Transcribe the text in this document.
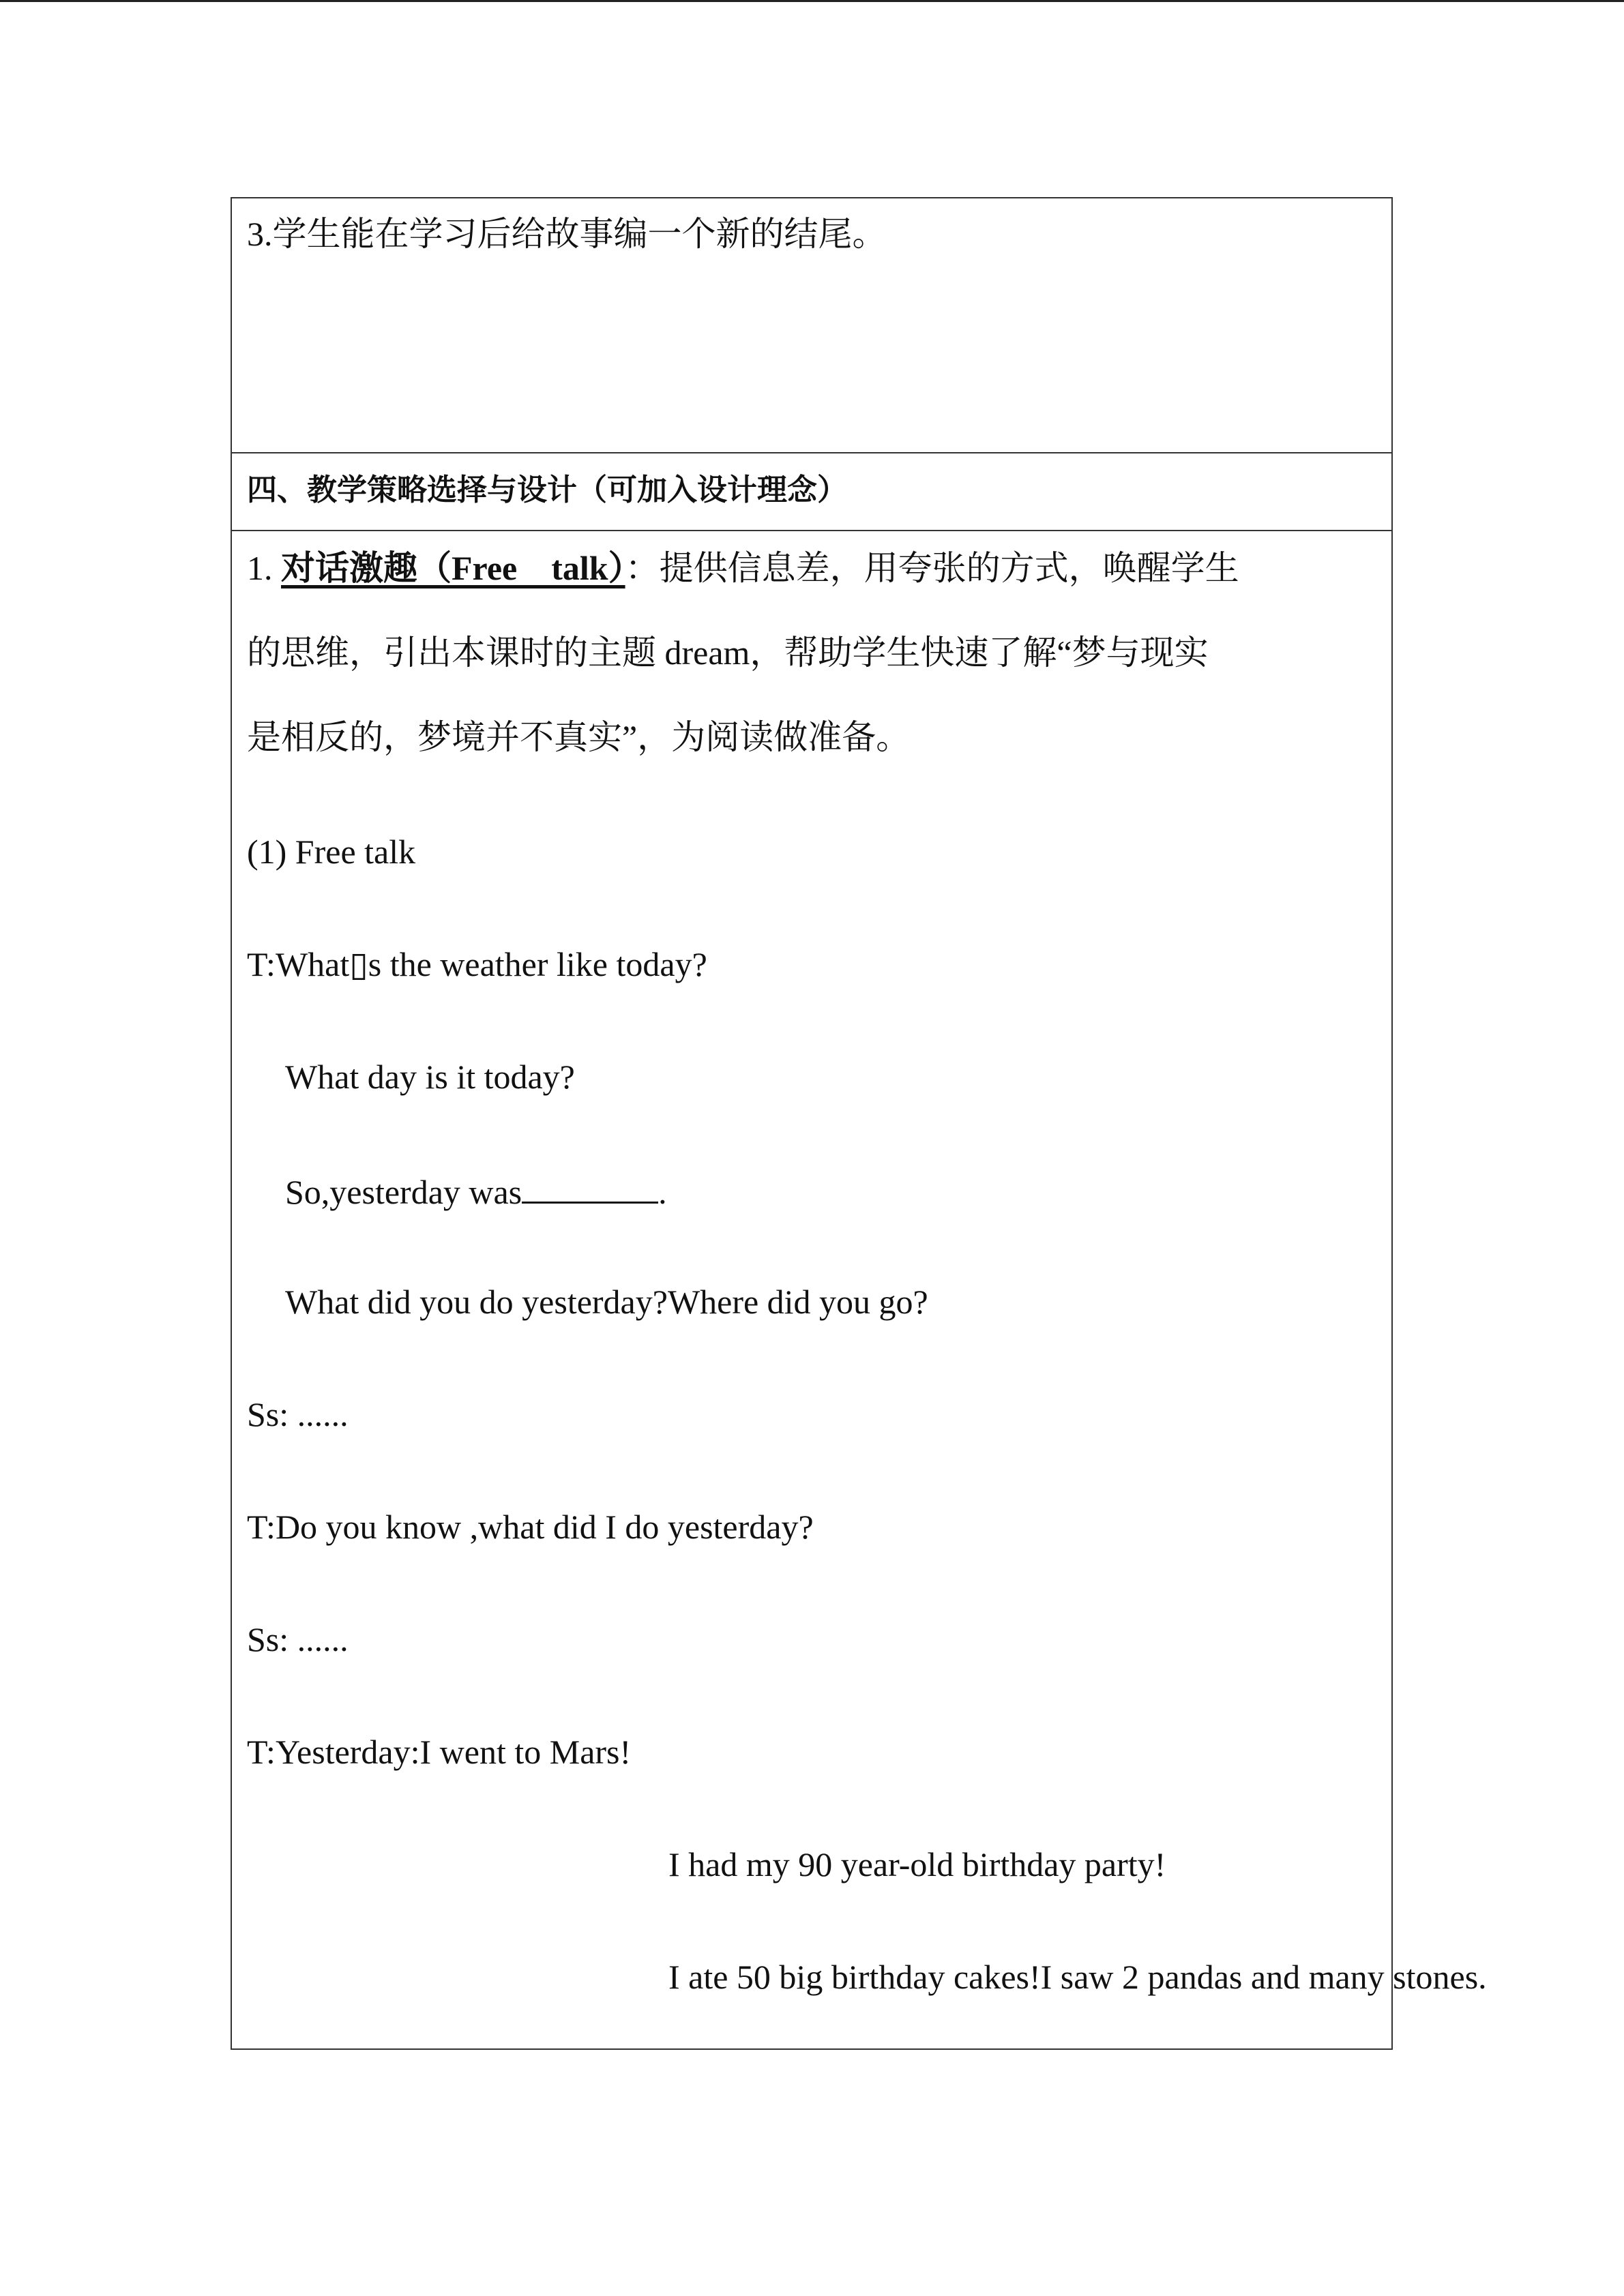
3.学生能在学习后给故事编一个新的结尾。
四、教学策略选择与设计（可加入设计理念）
1. 对话激趣（Free　talk）：提供信息差，用夸张的方式，唤醒学生
的思维，引出本课时的主题 dream，帮助学生快速了解“梦与现实
是相反的，梦境并不真实”，为阅读做准备。
(1) Free talk
T:What▯s the weather like today?
What day is it today?
So,yesterday was	.
What did you do yesterday?Where did you go?
Ss: ......
T:Do you know ,what did I do yesterday?
Ss: ......
T:Yesterday:I went to Mars!
I had my 90 year-old birthday party!
I ate 50 big birthday cakes!I saw 2 pandas and many stones.
